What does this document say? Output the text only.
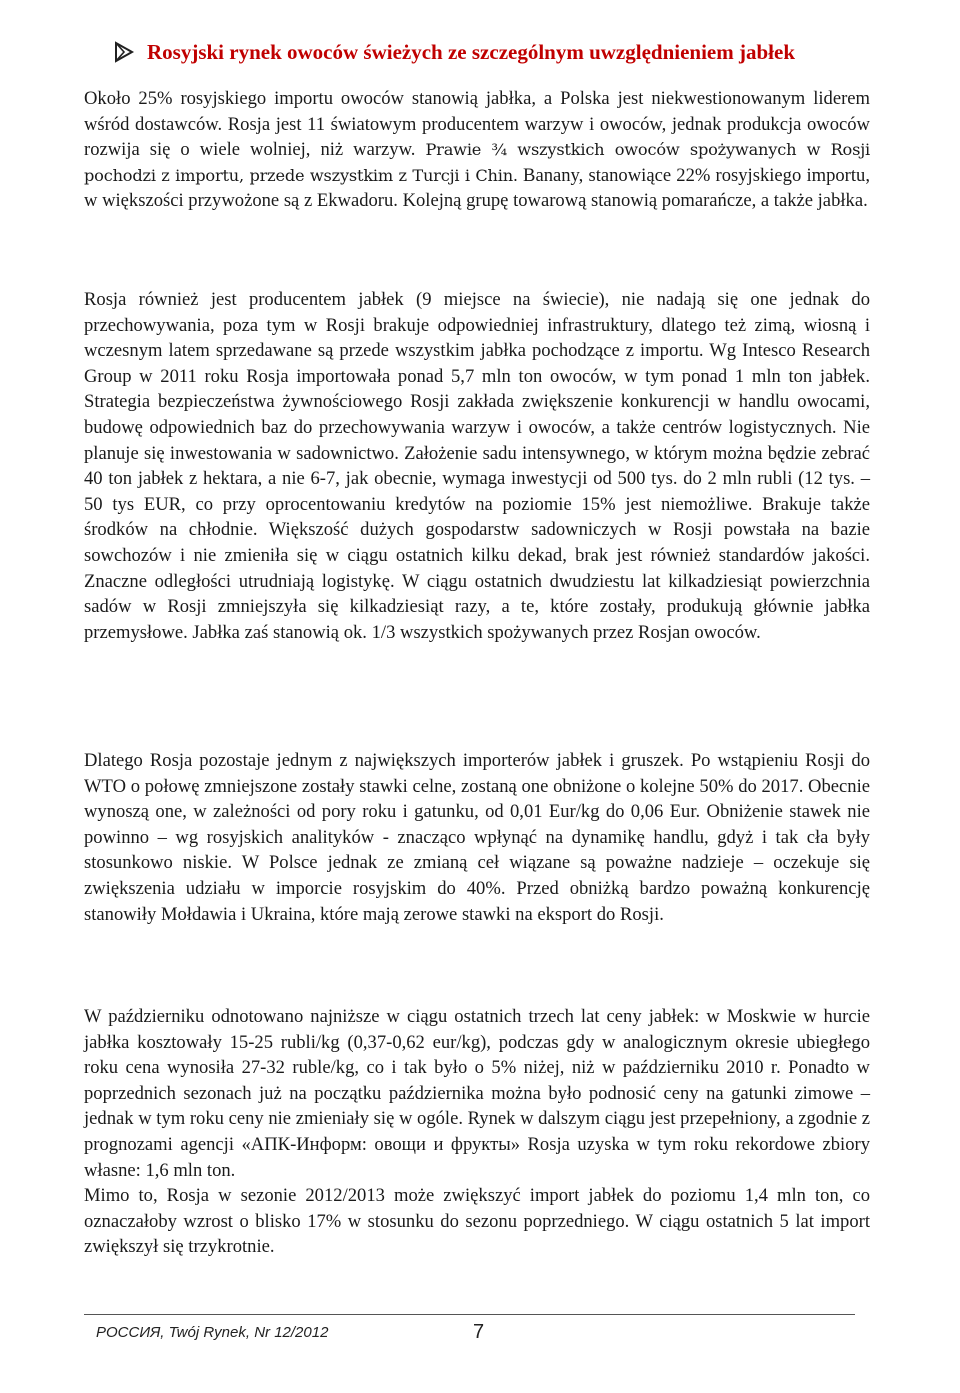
Rosyjski rynek owoców świeżych ze szczególnym uwzględnieniem jabłek

Około 25% rosyjskiego importu owoców stanowią jabłka, a Polska jest niekwestionowanym liderem wśród dostawców. Rosja jest 11 światowym producentem warzyw i owoców, jednak produkcja owoców rozwija się o wiele wolniej, niż warzyw. Prawie ¾ wszystkich owoców spożywanych w Rosji pochodzi z importu, przede wszystkim z Turcji i Chin. Banany, stanowiące 22% rosyjskiego importu, w większości przywożone są z Ekwadoru. Kolejną grupę towarową stanowią pomarańcze, a także jabłka.

Rosja również jest producentem jabłek (9 miejsce na świecie), nie nadają się one jednak do przechowywania, poza tym w Rosji brakuje odpowiedniej infrastruktury, dlatego też zimą, wiosną i wczesnym latem sprzedawane są przede wszystkim jabłka pochodzące z importu. Wg Intesco Research Group w 2011 roku Rosja importowała ponad 5,7 mln ton owoców, w tym ponad 1 mln ton jabłek. Strategia bezpieczeństwa żywnościowego Rosji zakłada zwiększenie konkurencji w handlu owocami, budowę odpowiednich baz do przechowywania warzyw i owoców, a także centrów logistycznych. Nie planuje się inwestowania w sadownictwo. Założenie sadu intensywnego, w którym można będzie zebrać 40 ton jabłek z hektara, a nie 6-7, jak obecnie, wymaga inwestycji od 500 tys. do 2 mln rubli (12 tys. – 50 tys EUR, co przy oprocentowaniu kredytów na poziomie 15% jest niemożliwe. Brakuje także środków na chłodnie. Większość dużych gospodarstw sadowniczych w Rosji powstała na bazie sowchozów i nie zmieniła się w ciągu ostatnich kilku dekad, brak jest również standardów jakości. Znaczne odległości utrudniają logistykę. W ciągu ostatnich dwudziestu lat kilkadziesiąt powierzchnia sadów w Rosji zmniejszyła się kilkadziesiąt razy, a te, które zostały, produkują głównie jabłka przemysłowe. Jabłka zaś stanowią ok. 1/3 wszystkich spożywanych przez Rosjan owoców.

Dlatego Rosja pozostaje jednym z największych importerów jabłek i gruszek. Po wstąpieniu Rosji do WTO o połowę zmniejszone zostały stawki celne, zostaną one obniżone o kolejne 50% do 2017. Obecnie wynoszą one, w zależności od pory roku i gatunku, od 0,01 Eur/kg do 0,06 Eur. Obniżenie stawek nie powinno – wg rosyjskich analityków - znacząco wpłynąć na dynamikę handlu, gdyż i tak cła były stosunkowo niskie. W Polsce jednak ze zmianą ceł wiązane są poważne nadzieje – oczekuje się zwiększenia udziału w imporcie rosyjskim do 40%. Przed obniżką bardzo poważną konkurencję stanowiły Mołdawia i Ukraina, które mają zerowe stawki na eksport do Rosji.

W październiku odnotowano najniższe w ciągu ostatnich trzech lat ceny jabłek: w Moskwie w hurcie jabłka kosztowały 15-25 rubli/kg (0,37-0,62 eur/kg), podczas gdy w analogicznym okresie ubiegłego roku cena wynosiła 27-32 ruble/kg, co i tak było o 5% niżej, niż w październiku 2010 r. Ponadto w poprzednich sezonach już na początku października można było podnosić ceny na gatunki zimowe – jednak w tym roku ceny nie zmieniały się w ogóle. Rynek w dalszym ciągu jest przepełniony, a zgodnie z prognozami agencji «АПК-Информ: овощи и фрукты» Rosja uzyska w tym roku rekordowe zbiory własne: 1,6 mln ton.
Mimo to, Rosja w sezonie 2012/2013 może zwiększyć import jabłek do poziomu 1,4 mln ton, co oznaczałoby wzrost o blisko 17% w stosunku do sezonu poprzedniego. W ciągu ostatnich 5 lat import zwiększył się trzykrotnie.
РОССИЯ, Twój Rynek, Nr 12/2012	7
